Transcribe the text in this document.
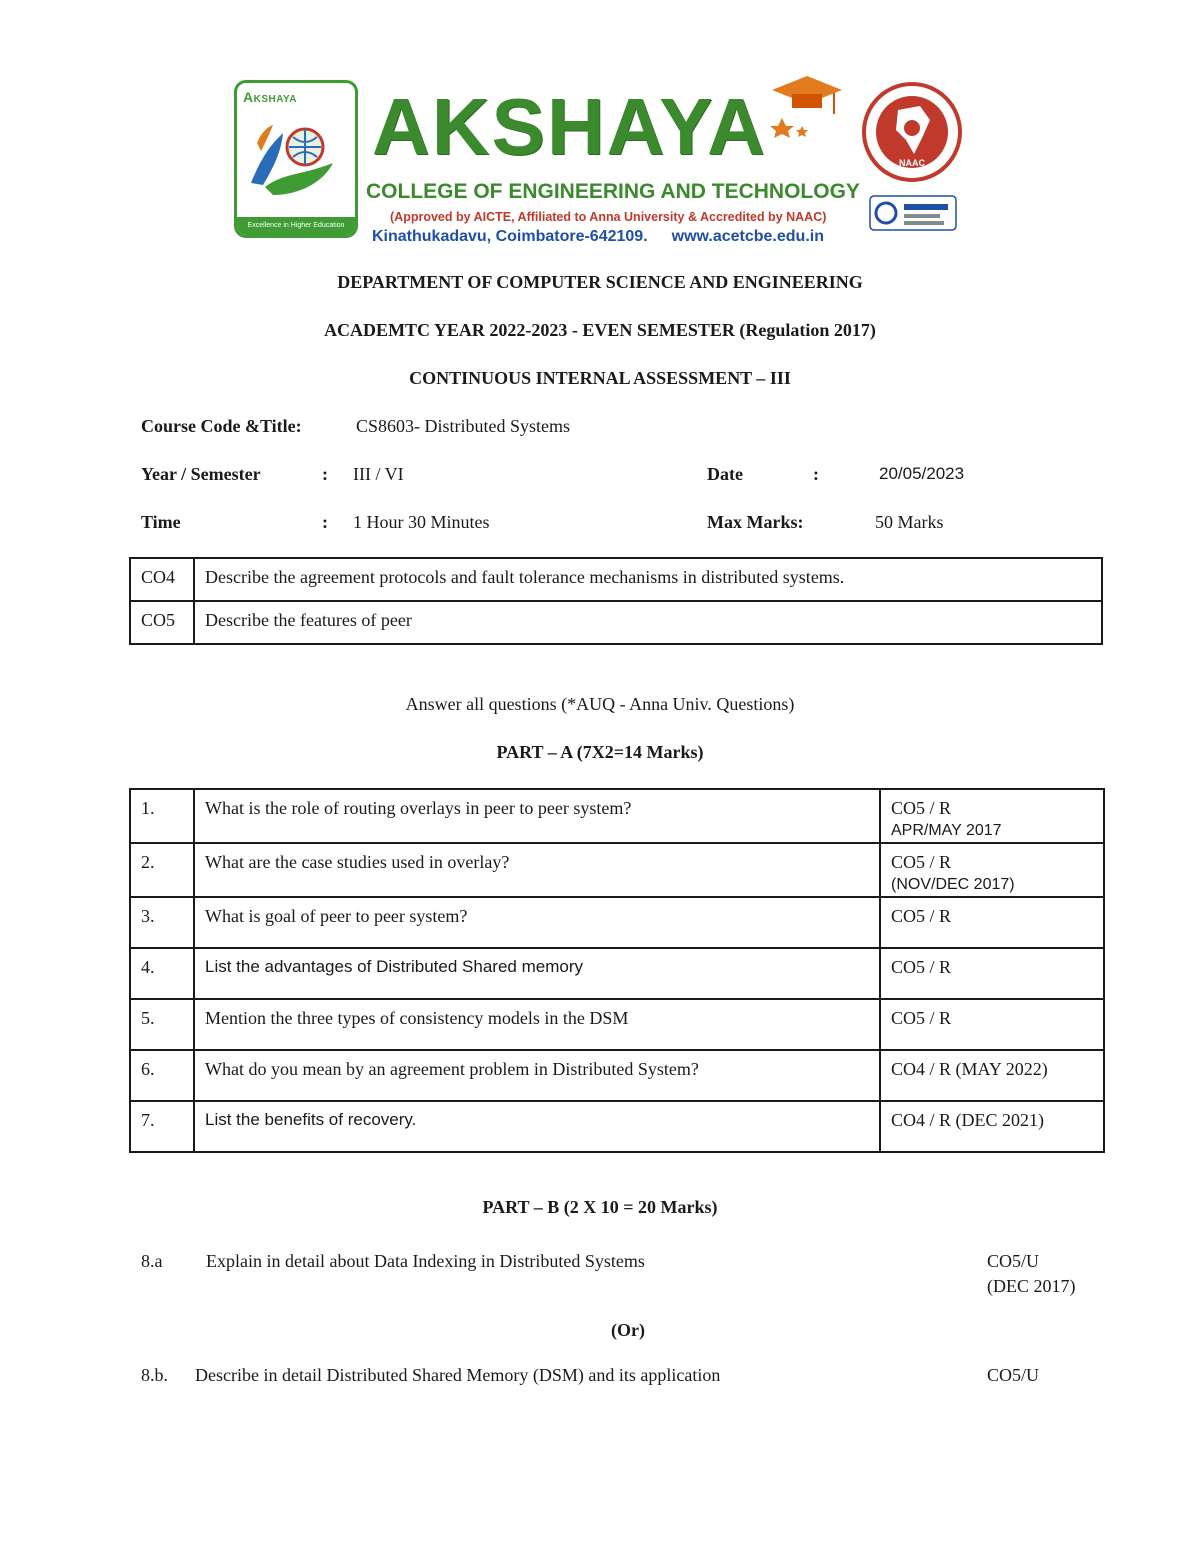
Akshaya
Excellence in Higher Education
AKSHAYA
COLLEGE OF ENGINEERING AND TECHNOLOGY
(Approved by AICTE, Affiliated to Anna University & Accredited by NAAC)
Kinathukadavu, Coimbatore-642109. www.acetcbe.edu.in
NAAC
DEPARTMENT OF COMPUTER SCIENCE AND ENGINEERING
ACADEMTC YEAR 2022-2023 - EVEN SEMESTER (Regulation 2017)
CONTINUOUS INTERNAL ASSESSMENT – III
Course Code &Title:	CS8603- Distributed Systems
Year / Semester	: III / VI	Date	:	20/05/2023
Time	: 1 Hour 30 Minutes	Max Marks:	50 Marks
CO4	Describe the agreement protocols and fault tolerance mechanisms in distributed systems.
CO5	Describe the features of peer
Answer all questions (*AUQ - Anna Univ. Questions)
PART – A (7X2=14 Marks)
1.	What is the role of routing overlays in peer to peer system?	CO5 / R
APR/MAY 2017

2.	What are the case studies used in overlay?	CO5 / R
(NOV/DEC 2017)

3.	What is goal of peer to peer system?	CO5 / R
4.	List the advantages of Distributed Shared memory	CO5 / R
5.	Mention the three types of consistency models in the DSM	CO5 / R
6.	What do you mean by an agreement problem in Distributed System?	CO4 / R (MAY 2022)
7.	List the benefits of recovery.	CO4 / R (DEC 2021)
PART – B (2 X 10 = 20 Marks)
8.a Explain in detail about Data Indexing in Distributed Systems	CO5/U
(DEC 2017)
(Or)
8.b. Describe in detail Distributed Shared Memory (DSM) and its application	CO5/U
